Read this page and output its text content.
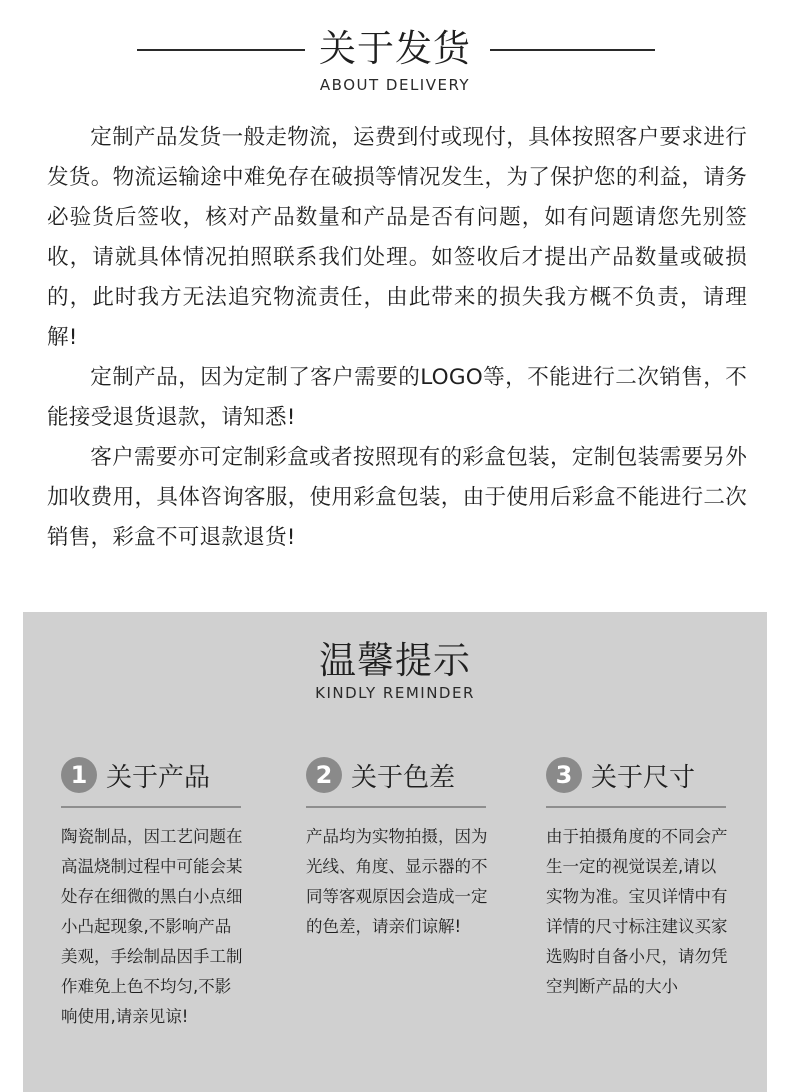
关于发货
ABOUT DELIVERY

定制产品发货一般走物流，运费到付或现付，具体按照客户要求进行发货。物流运输途中难免存在破损等情况发生，为了保护您的利益，请务必验货后签收，核对产品数量和产品是否有问题，如有问题请您先别签收，请就具体情况拍照联系我们处理。如签收后才提出产品数量或破损的，此时我方无法追究物流责任，由此带来的损失我方概不负责，请理解!

定制产品，因为定制了客户需要的LOGO等，不能进行二次销售，不能接受退货退款，请知悉!

客户需要亦可定制彩盒或者按照现有的彩盒包装，定制包装需要另外加收费用，具体咨询客服，使用彩盒包装，由于使用后彩盒不能进行二次销售，彩盒不可退款退货!

温馨提示
KINDLY REMINDER
1 关于产品
陶瓷制品，因工艺问题在高温烧制过程中可能会某处存在细微的黑白小点细小凸起现象,不影响产品美观，手绘制品因手工制作难免上色不均匀,不影响使用,请亲见谅!
2 关于色差
产品均为实物拍摄，因为光线、角度、显示器的不同等客观原因会造成一定的色差，请亲们谅解!
3 关于尺寸
由于拍摄角度的不同会产生一定的视觉误差,请以实物为准。宝贝详情中有详情的尺寸标注建议买家选购时自备小尺，请勿凭空判断产品的大小
